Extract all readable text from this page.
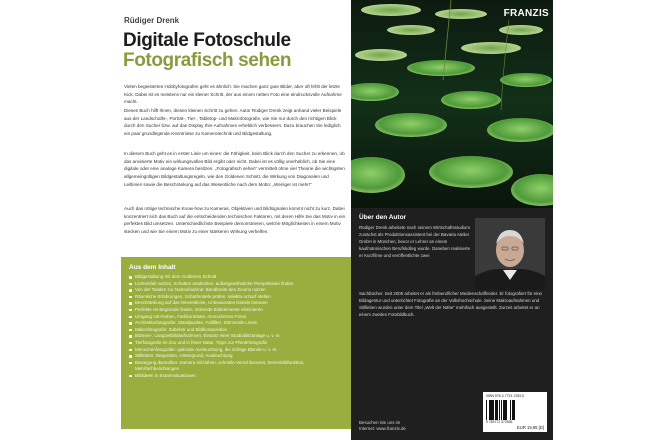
Rüdiger Drenk
Digitale Fotoschule
Fotografisch sehen

Vielen begeisterten Hobbyfotografen geht es ähnlich: Sie machen ganz gute Bilder, aber oft fehlt der letzte Kick. Dabei ist es meistens nur ein kleiner Schritt, der aus einem netten Foto eine eindrucksvolle Aufnahme macht.

Dieses Buch hilft Ihnen, diesen kleinen Schritt zu gehen. Autor Rüdiger Drenk zeigt anhand vieler Beispiele aus der Landschafts-, Porträt-, Tier-, Tabletop- und Makrofotografie, wie Sie nur durch den richtigen Blick durch den Sucher bzw. auf das Display Ihre Aufnahmen erheblich verbessern. Dazu brauchen Sie lediglich ein paar grundlegende Kenntnisse zu Kamerotechnik und Bildgestaltung.

In diesem Buch geht es in erster Linie um eines: die Fähigkeit, beim Blick durch den Sucher zu erkennen, ob das anvisierte Motiv ein wirkungsvolles Bild ergibt oder nicht. Dabei ist es völlig unerheblich, ob Sie eine digitale oder eine analoge Kamera besitzen. „Fotografisch sehen“ vermittelt ohne viel Theorie die wichtigsten allgemeingültigen Bildgestaltungsregeln, wie den Goldenen Schnitt, die Wirkung von Diagonalen und Leitlinien sowie die Beschränkung auf das Wesentliche nach dem Motto: „Weniger ist mehr!“

Auch das nötige technische Know-how zu Kameras, Objektiven und Bildsignalen kommt nicht zu kurz. Dabei konzentriert sich das Buch auf die entscheidenden technischen Faktoren, mit deren Hilfe Sie das Motiv in ein perfektes Bild umsetzen. Unterschiedlichste Beispiele demonstrieren, welche Möglichkeiten in einem Motiv stecken und wie Sie einem Motiv zu einer stärkeren Wirkung verhelfen.

Aus dem Inhalt
Bildgestaltung mit dem Goldenen Schnitt
Lichteinfall nutzen, Schatten entdecken, außergewöhnliche Perspektiven finden
Von der Totalen zur Nahaufnahme: Bandbreite des Zooms nutzen
Räumliche Erfahrungen, Schärfentiefe prüfen, selektiv scharf stellen
Beschränkung auf das Wesentliche, Unbewusstes Details betonen
Perfekte Hintergründe finden, störende Bildelemente eliminieren
Umgang mit Farben, Farbkontraste, monochrome Fotos
Architekturfotografie: Standpunkte, Fallfilter, Stürzende Linien
Makrofotografie: Zubehör und Bildkomposition
Bühnen-, Langzeitbildaufnahmen, Einsatz einer Studioblitzanlage u. v. m.
Tierfotografie im Zoo und in freier Natur, Tipps zur Pferdefotografie
Menschenfotografie: optimale Ausleuchtung, die richtige Blende u. v. m.
Stillleben: Requisiten, Hintergrund, Ausleuchtung
Bewegung darstellen: Kamera mitziehen, schnelle Verschlusszeit, Serienbildfunktion, Mehrfachbelichtungen
Bildideen in Extremsituationen
FRANZIS
Über den Autor
Rüdiger Drenk arbeitete nach seinem Wirtschaftsstudium zunächst als Produktionsassistent bei der Bavaria Atelier GmbH in München, bevor er Lehrer an einem kaufmännischen Berufskolleg wurde. Daneben realisierte er Kurzfilme und veröffentlichte zwei
Sachbücher. Seit 2005 arbeitet er als freiberuflicher Medienschaffender. Er fotografiert für eine Bildagentur und unterrichtet Fotografie an der Volkshochschule. Seine Makroaufnahmen und Stillleben wurden unter dem Titel „Welt der Nähe“ mehrfach ausgestellt. Zurzeit arbeitet er an einem zweiten Fotobildbuch.
Besuchen Sie uns im
Internet: www.franzis.de
ISBN 978-3-7723-7283-5
9 783772 372835
EUR 19,95 [D]
